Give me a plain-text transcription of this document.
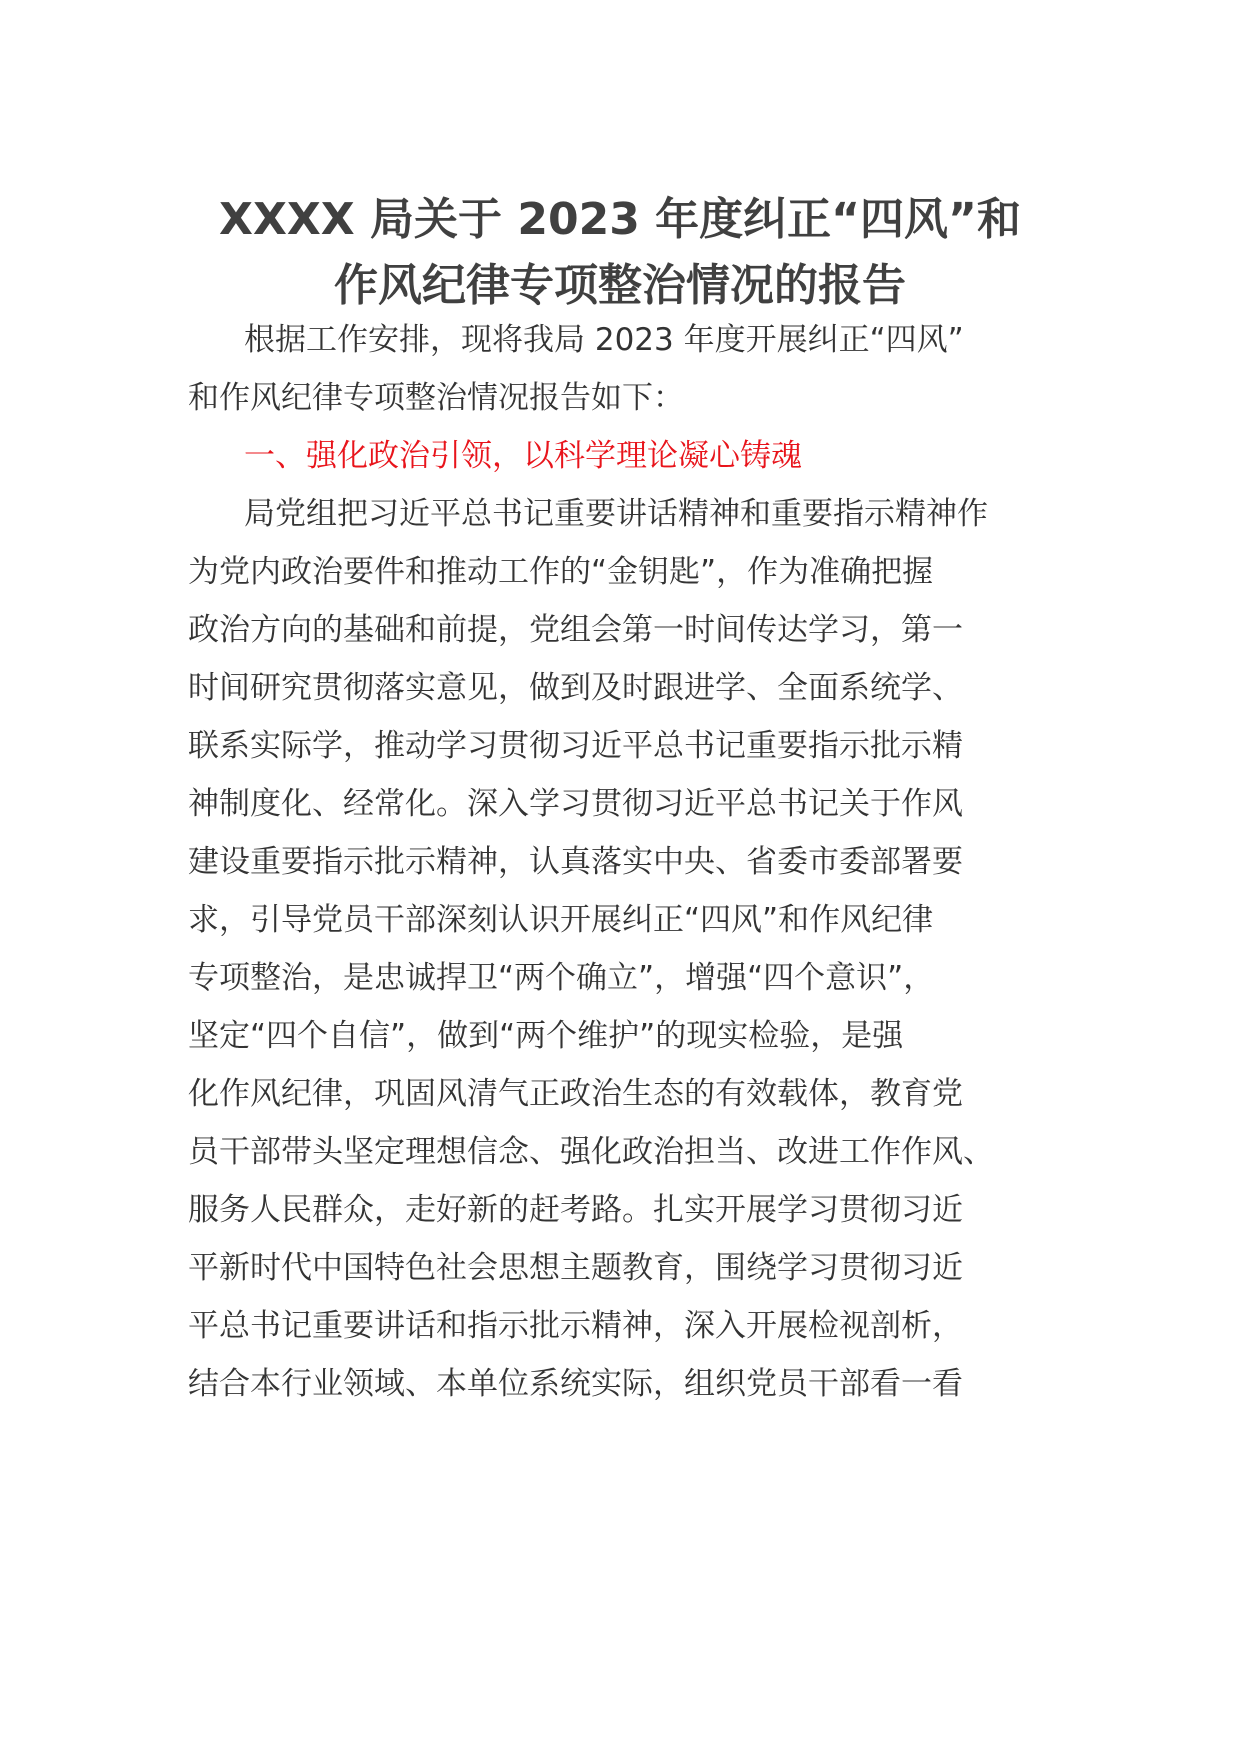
XXXX 局关于 2023 年度纠正“四风”和
作风纪律专项整治情况的报告
根据工作安排，现将我局 2023 年度开展纠正“四风”
和作风纪律专项整治情况报告如下：
一、强化政治引领，以科学理论凝心铸魂
局党组把习近平总书记重要讲话精神和重要指示精神作
为党内政治要件和推动工作的“金钥匙”，作为准确把握
政治方向的基础和前提，党组会第一时间传达学习，第一
时间研究贯彻落实意见，做到及时跟进学、全面系统学、
联系实际学，推动学习贯彻习近平总书记重要指示批示精
神制度化、经常化。深入学习贯彻习近平总书记关于作风
建设重要指示批示精神，认真落实中央、省委市委部署要
求，引导党员干部深刻认识开展纠正“四风”和作风纪律
专项整治，是忠诚捍卫“两个确立”，增强“四个意识”，
坚定“四个自信”，做到“两个维护”的现实检验，是强
化作风纪律，巩固风清气正政治生态的有效载体，教育党
员干部带头坚定理想信念、强化政治担当、改进工作作风、
服务人民群众，走好新的赶考路。扎实开展学习贯彻习近
平新时代中国特色社会思想主题教育，围绕学习贯彻习近
平总书记重要讲话和指示批示精神，深入开展检视剖析，
结合本行业领域、本单位系统实际，组织党员干部看一看
